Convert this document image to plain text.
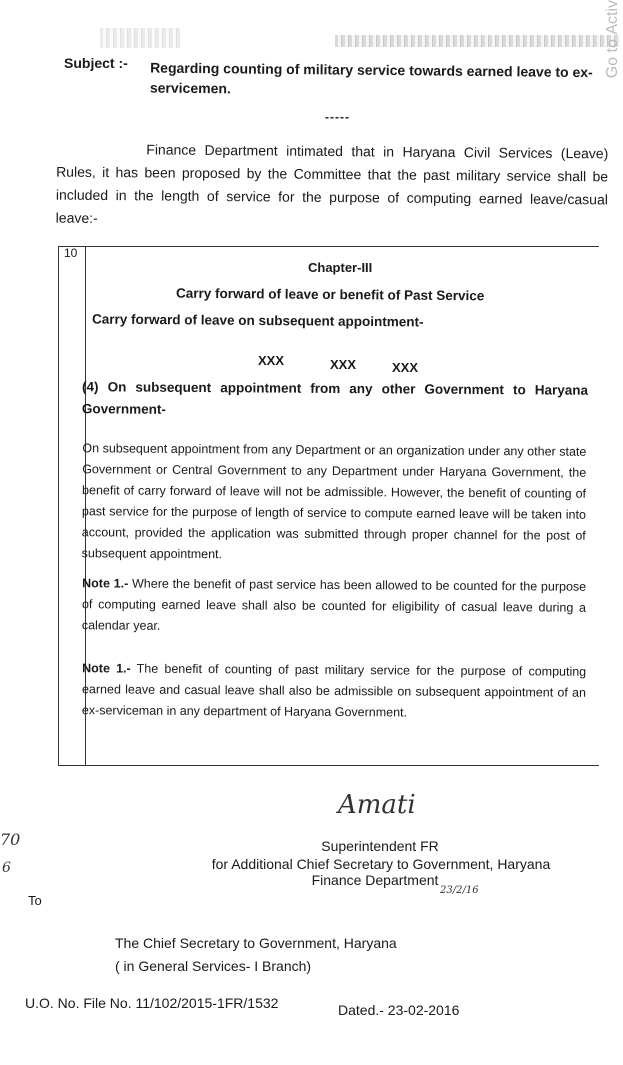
Go to Activ
Subject :- Regarding counting of military service towards earned leave to ex-servicemen.
-----
Finance Department intimated that in Haryana Civil Services (Leave) Rules, it has been proposed by the Committee that the past military service shall be included in the length of service for the purpose of computing earned leave/casual leave:-
10
Chapter-III
Carry forward of leave or benefit of Past Service
Carry forward of leave on subsequent appointment-
XXX	XXX	XXX
(4) On subsequent appointment from any other Government to Haryana Government-
On subsequent appointment from any Department or an organization under any other state Government or Central Government to any Department under Haryana Government, the benefit of carry forward of leave will not be admissible. However, the benefit of counting of past service for the purpose of length of service to compute earned leave will be taken into account, provided the application was submitted through proper channel for the post of subsequent appointment.
Note 1.- Where the benefit of past service has been allowed to be counted for the purpose of computing earned leave shall also be counted for eligibility of casual leave during a calendar year.
Note 1.- The benefit of counting of past military service for the purpose of computing earned leave and casual leave shall also be admissible on subsequent appointment of an ex-serviceman in any department of Haryana Government.
Amati
Superintendent FR
for Additional Chief Secretary to Government, Haryana
Finance Department
23/2/16
70
6
To
The Chief Secretary to Government, Haryana
( in General Services- I Branch)
U.O. No. File No. 11/102/2015-1FR/1532	Dated.- 23-02-2016
